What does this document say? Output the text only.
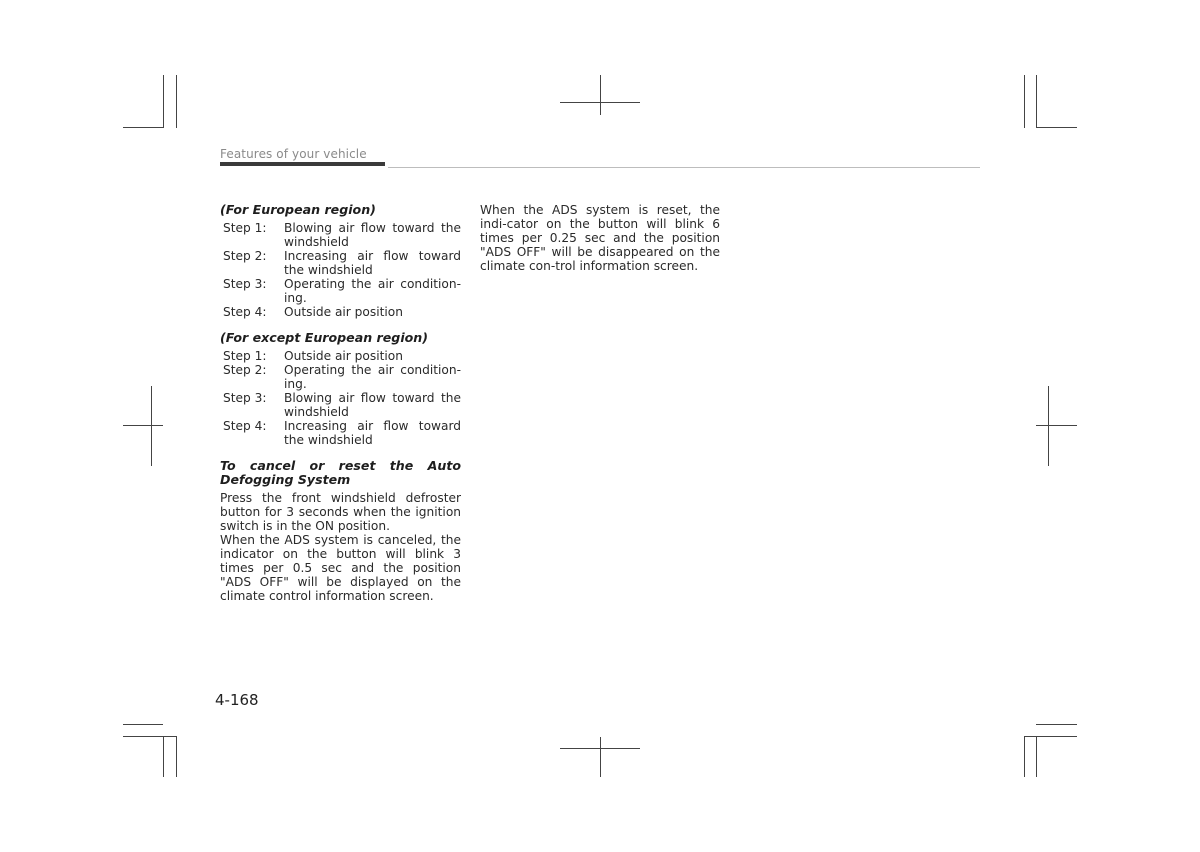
Features of your vehicle
(For European region)
Step 1:	Blowing air flow toward the windshield
Step 2:	Increasing air flow toward the windshield
Step 3:	Operating the air condition-ing.
Step 4:	Outside air position
(For except European region)
Step 1:	Outside air position
Step 2:	Operating the air condition-ing.
Step 3:	Blowing air flow toward the windshield
Step 4:	Increasing air flow toward the windshield
To cancel or reset the Auto Defogging System

Press the front windshield defroster button for 3 seconds when the ignition switch is in the ON position.

When the ADS system is canceled, the indicator on the button will blink 3 times per 0.5 sec and the position "ADS OFF" will be displayed on the climate control information screen.

When the ADS system is reset, the indi-cator on the button will blink 6 times per 0.25 sec and the position "ADS OFF" will be disappeared on the climate con-trol information screen.

4-168
